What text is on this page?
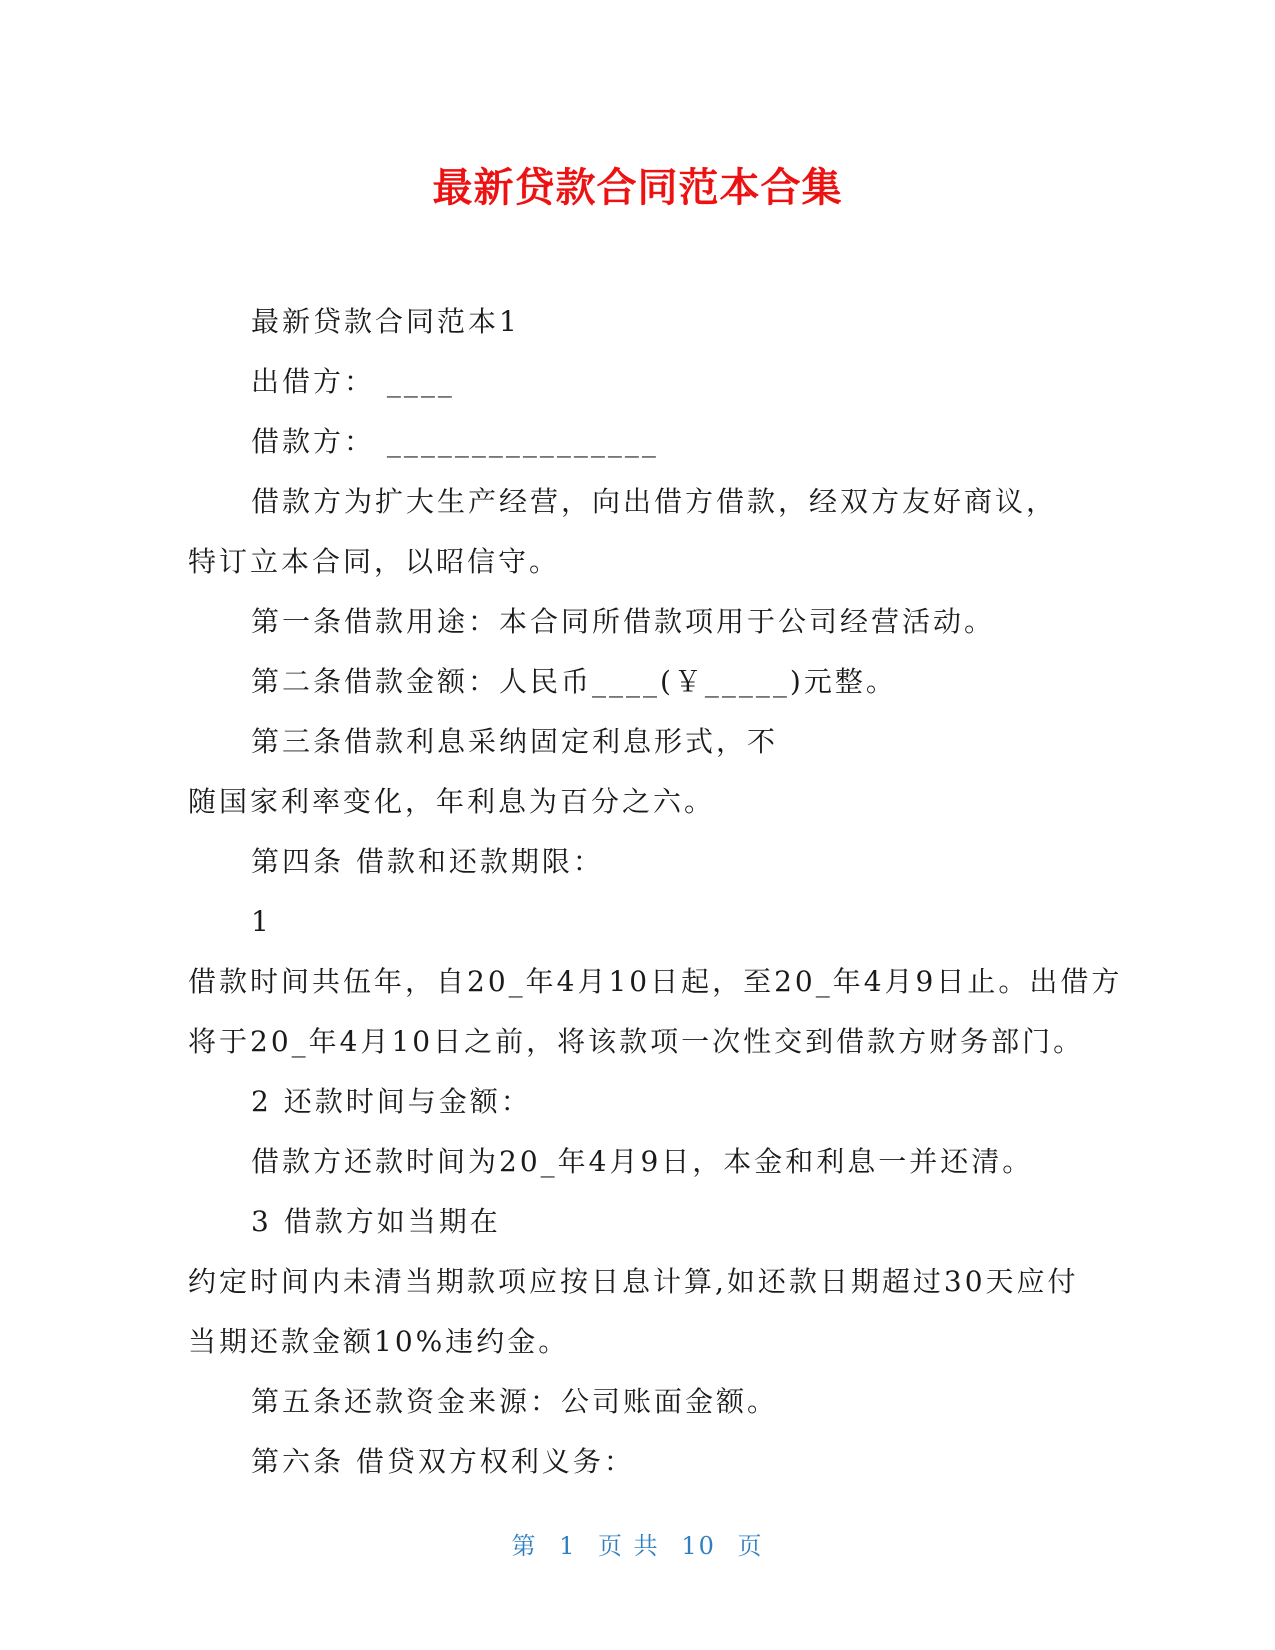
最新贷款合同范本合集
最新贷款合同范本1
出借方： ____
借款方： ________________
借款方为扩大生产经营，向出借方借款，经双方友好商议，
特订立本合同，以昭信守。
第一条借款用途：本合同所借款项用于公司经营活动。
第二条借款金额：人民币____(￥_____)元整。
第三条借款利息采纳固定利息形式，不
随国家利率变化，年利息为百分之六。
第四条 借款和还款期限：
1
借款时间共伍年，自20_年4月10日起，至20_年4月9日止。出借方
将于20_年4月10日之前，将该款项一次性交到借款方财务部门。
2 还款时间与金额：
借款方还款时间为20_年4月9日，本金和利息一并还清。
3 借款方如当期在
约定时间内未清当期款项应按日息计算,如还款日期超过30天应付
当期还款金额10%违约金。
第五条还款资金来源：公司账面金额。
第六条 借贷双方权利义务：
第 1 页 共 10 页
